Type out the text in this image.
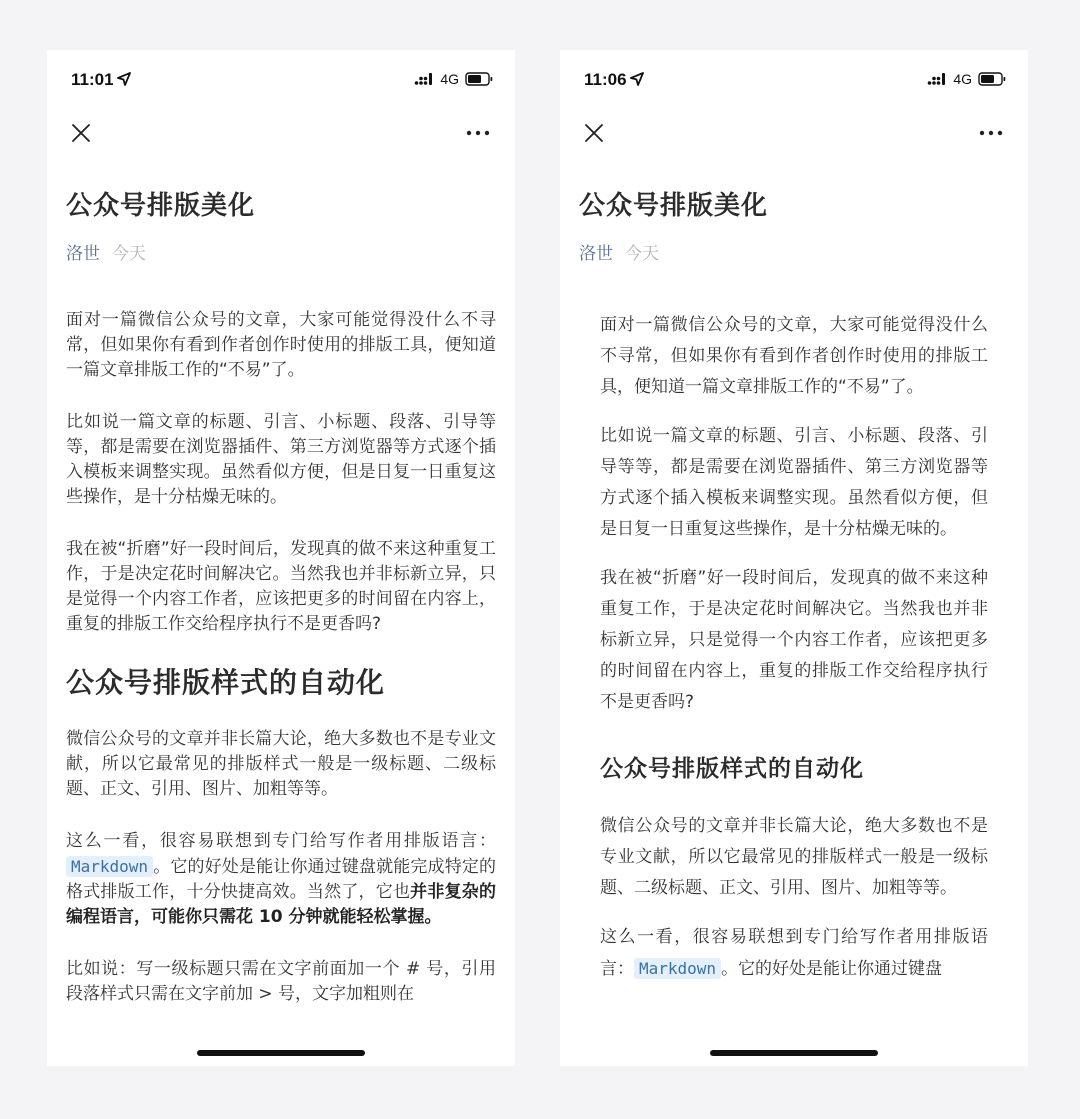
11:01	4G
公众号排版美化
洛世 今天

面对一篇微信公众号的文章，大家可能觉得没什么不寻常，但如果你有看到作者创作时使用的排版工具，便知道一篇文章排版工作的“不易”了。

比如说一篇文章的标题、引言、小标题、段落、引导等等，都是需要在浏览器插件、第三方浏览器等方式逐个插入模板来调整实现。虽然看似方便，但是日复一日重复这些操作，是十分枯燥无味的。

我在被“折磨”好一段时间后，发现真的做不来这种重复工作，于是决定花时间解决它。当然我也并非标新立异，只是觉得一个内容工作者，应该把更多的时间留在内容上，重复的排版工作交给程序执行不是更香吗?

公众号排版样式的自动化

微信公众号的文章并非长篇大论，绝大多数也不是专业文献，所以它最常见的排版样式一般是一级标题、二级标题、正文、引用、图片、加粗等等。

这么一看，很容易联想到专门给写作者用排版语言：Markdown 。它的好处是能让你通过键盘就能完成特定的格式排版工作，十分快捷高效。当然了，它也并非复杂的编程语言，可能你只需花 10 分钟就能轻松掌握。

比如说：写一级标题只需在文字前面加一个 # 号，引用段落样式只需在文字前加 > 号，文字加粗则在

11:06	4G
公众号排版美化
洛世 今天

面对一篇微信公众号的文章，大家可能觉得没什么不寻常，但如果你有看到作者创作时使用的排版工具，便知道一篇文章排版工作的“不易”了。

比如说一篇文章的标题、引言、小标题、段落、引导等等，都是需要在浏览器插件、第三方浏览器等方式逐个插入模板来调整实现。虽然看似方便，但是日复一日重复这些操作，是十分枯燥无味的。

我在被“折磨”好一段时间后，发现真的做不来这种重复工作，于是决定花时间解决它。当然我也并非标新立异，只是觉得一个内容工作者，应该把更多的时间留在内容上，重复的排版工作交给程序执行不是更香吗?

公众号排版样式的自动化

微信公众号的文章并非长篇大论，绝大多数也不是专业文献，所以它最常见的排版样式一般是一级标题、二级标题、正文、引用、图片、加粗等等。

这么一看，很容易联想到专门给写作者用排版语言： Markdown 。它的好处是能让你通过键盘
